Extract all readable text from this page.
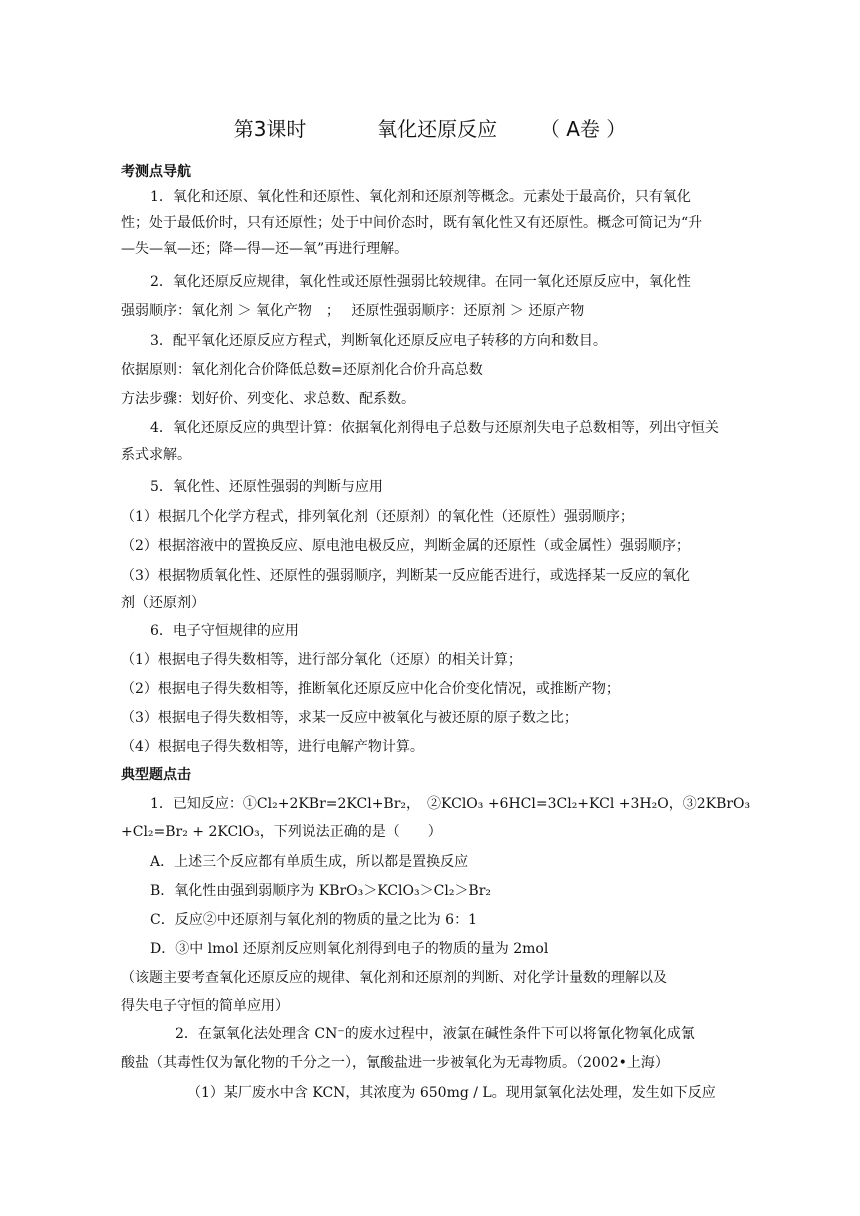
第3课时	氧化还原反应 （ A卷 ）
考测点导航
1．氧化和还原、氧化性和还原性、氧化剂和还原剂等概念。元素处于最高价，只有氧化
性；处于最低价时，只有还原性；处于中间价态时，既有氧化性又有还原性。概念可简记为“升
—失—氧—还；降—得—还—氧”再进行理解。
2．氧化还原反应规律，氧化性或还原性强弱比较规律。在同一氧化还原反应中，氧化性
强弱顺序：氧化剂 ＞ 氧化产物　；　 还原性强弱顺序：还原剂 ＞ 还原产物
3．配平氧化还原反应方程式，判断氧化还原反应电子转移的方向和数目。
依据原则：氧化剂化合价降低总数=还原剂化合价升高总数
方法步骤：划好价、列变化、求总数、配系数。
4．氧化还原反应的典型计算：依据氧化剂得电子总数与还原剂失电子总数相等，列出守恒关
系式求解。
5．氧化性、还原性强弱的判断与应用
（1）根据几个化学方程式，排列氧化剂（还原剂）的氧化性（还原性）强弱顺序；
（2）根据溶液中的置换反应、原电池电极反应，判断金属的还原性（或金属性）强弱顺序；
（3）根据物质氧化性、还原性的强弱顺序，判断某一反应能否进行，或选择某一反应的氧化
剂（还原剂）
6．电子守恒规律的应用
（1）根据电子得失数相等，进行部分氧化（还原）的相关计算；
（2）根据电子得失数相等，推断氧化还原反应中化合价变化情况，或推断产物；
（3）根据电子得失数相等，求某一反应中被氧化与被还原的原子数之比；
（4）根据电子得失数相等，进行电解产物计算。
典型题点击
1．已知反应：①Cl₂+2KBr=2KCl+Br₂，　②KClO₃ +6HCl=3Cl₂+KCl +3H₂O，③2KBrO₃
+Cl₂=Br₂ + 2KClO₃，下列说法正确的是（　　）
A．上述三个反应都有单质生成，所以都是置换反应
B．氧化性由强到弱顺序为 KBrO₃＞KClO₃＞Cl₂＞Br₂
C．反应②中还原剂与氧化剂的物质的量之比为 6：1
D．③中 lmol 还原剂反应则氧化剂得到电子的物质的量为 2mol
（该题主要考查氧化还原反应的规律、氧化剂和还原剂的判断、对化学计量数的理解以及
得失电子守恒的简单应用）
2．在氯氧化法处理含 CN⁻的废水过程中，液氯在碱性条件下可以将氰化物氧化成氰
酸盐（其毒性仅为氰化物的千分之一），氰酸盐进一步被氧化为无毒物质。（2002•上海）
（1）某厂废水中含 KCN，其浓度为 650mg / L。现用氯氧化法处理，发生如下反应
